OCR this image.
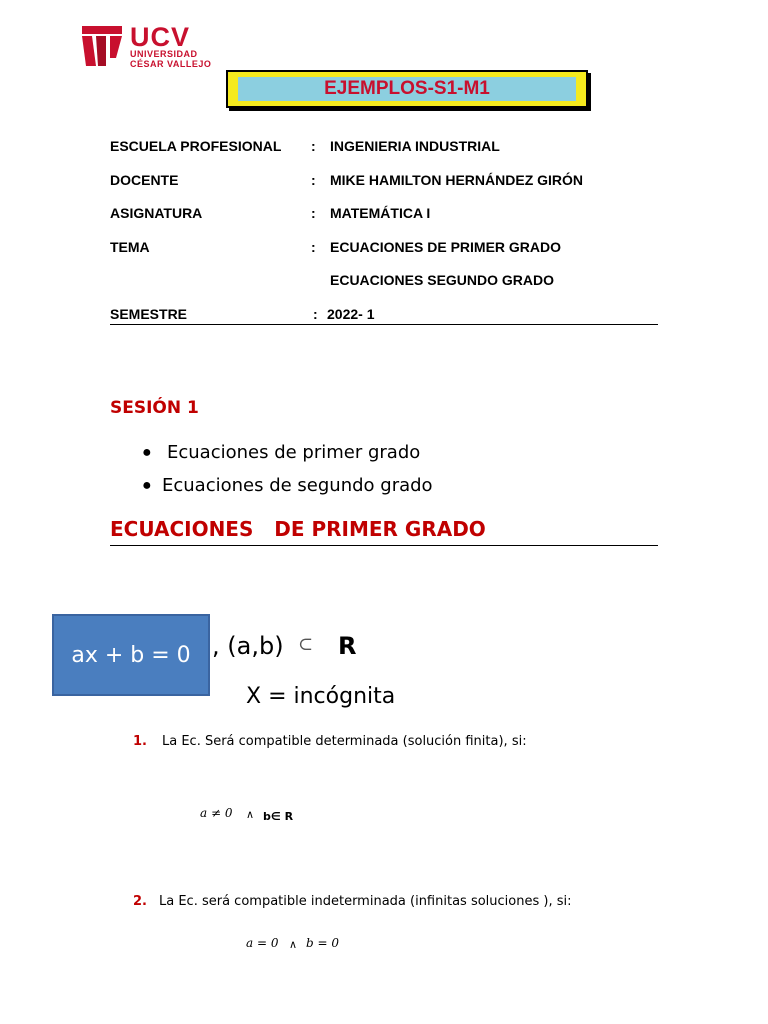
UCV
UNIVERSIDAD
CÉSAR VALLEJO
EJEMPLOS-S1-M1
ESCUELA PROFESIONAL : INGENIERIA INDUSTRIAL
DOCENTE	: MIKE HAMILTON HERNÁNDEZ GIRÓN
ASIGNATURA	: MATEMÁTICA I
TEMA	: ECUACIONES DE PRIMER GRADO
ECUACIONES SEGUNDO GRADO
SEMESTRE	: 2022- 1
SESIÓN 1
● Ecuaciones de primer grado
● Ecuaciones de segundo grado
ECUACIONES   DE PRIMER GRADO
ax + b = 0 , (a,b) ⊂ R
X = incógnita
1. La Ec. Será compatible determinada (solución finita), si:
a ≠ 0 ∧ b∈ R
2. La Ec. será compatible indeterminada (infinitas soluciones ), si:
a = 0 ∧ b = 0
